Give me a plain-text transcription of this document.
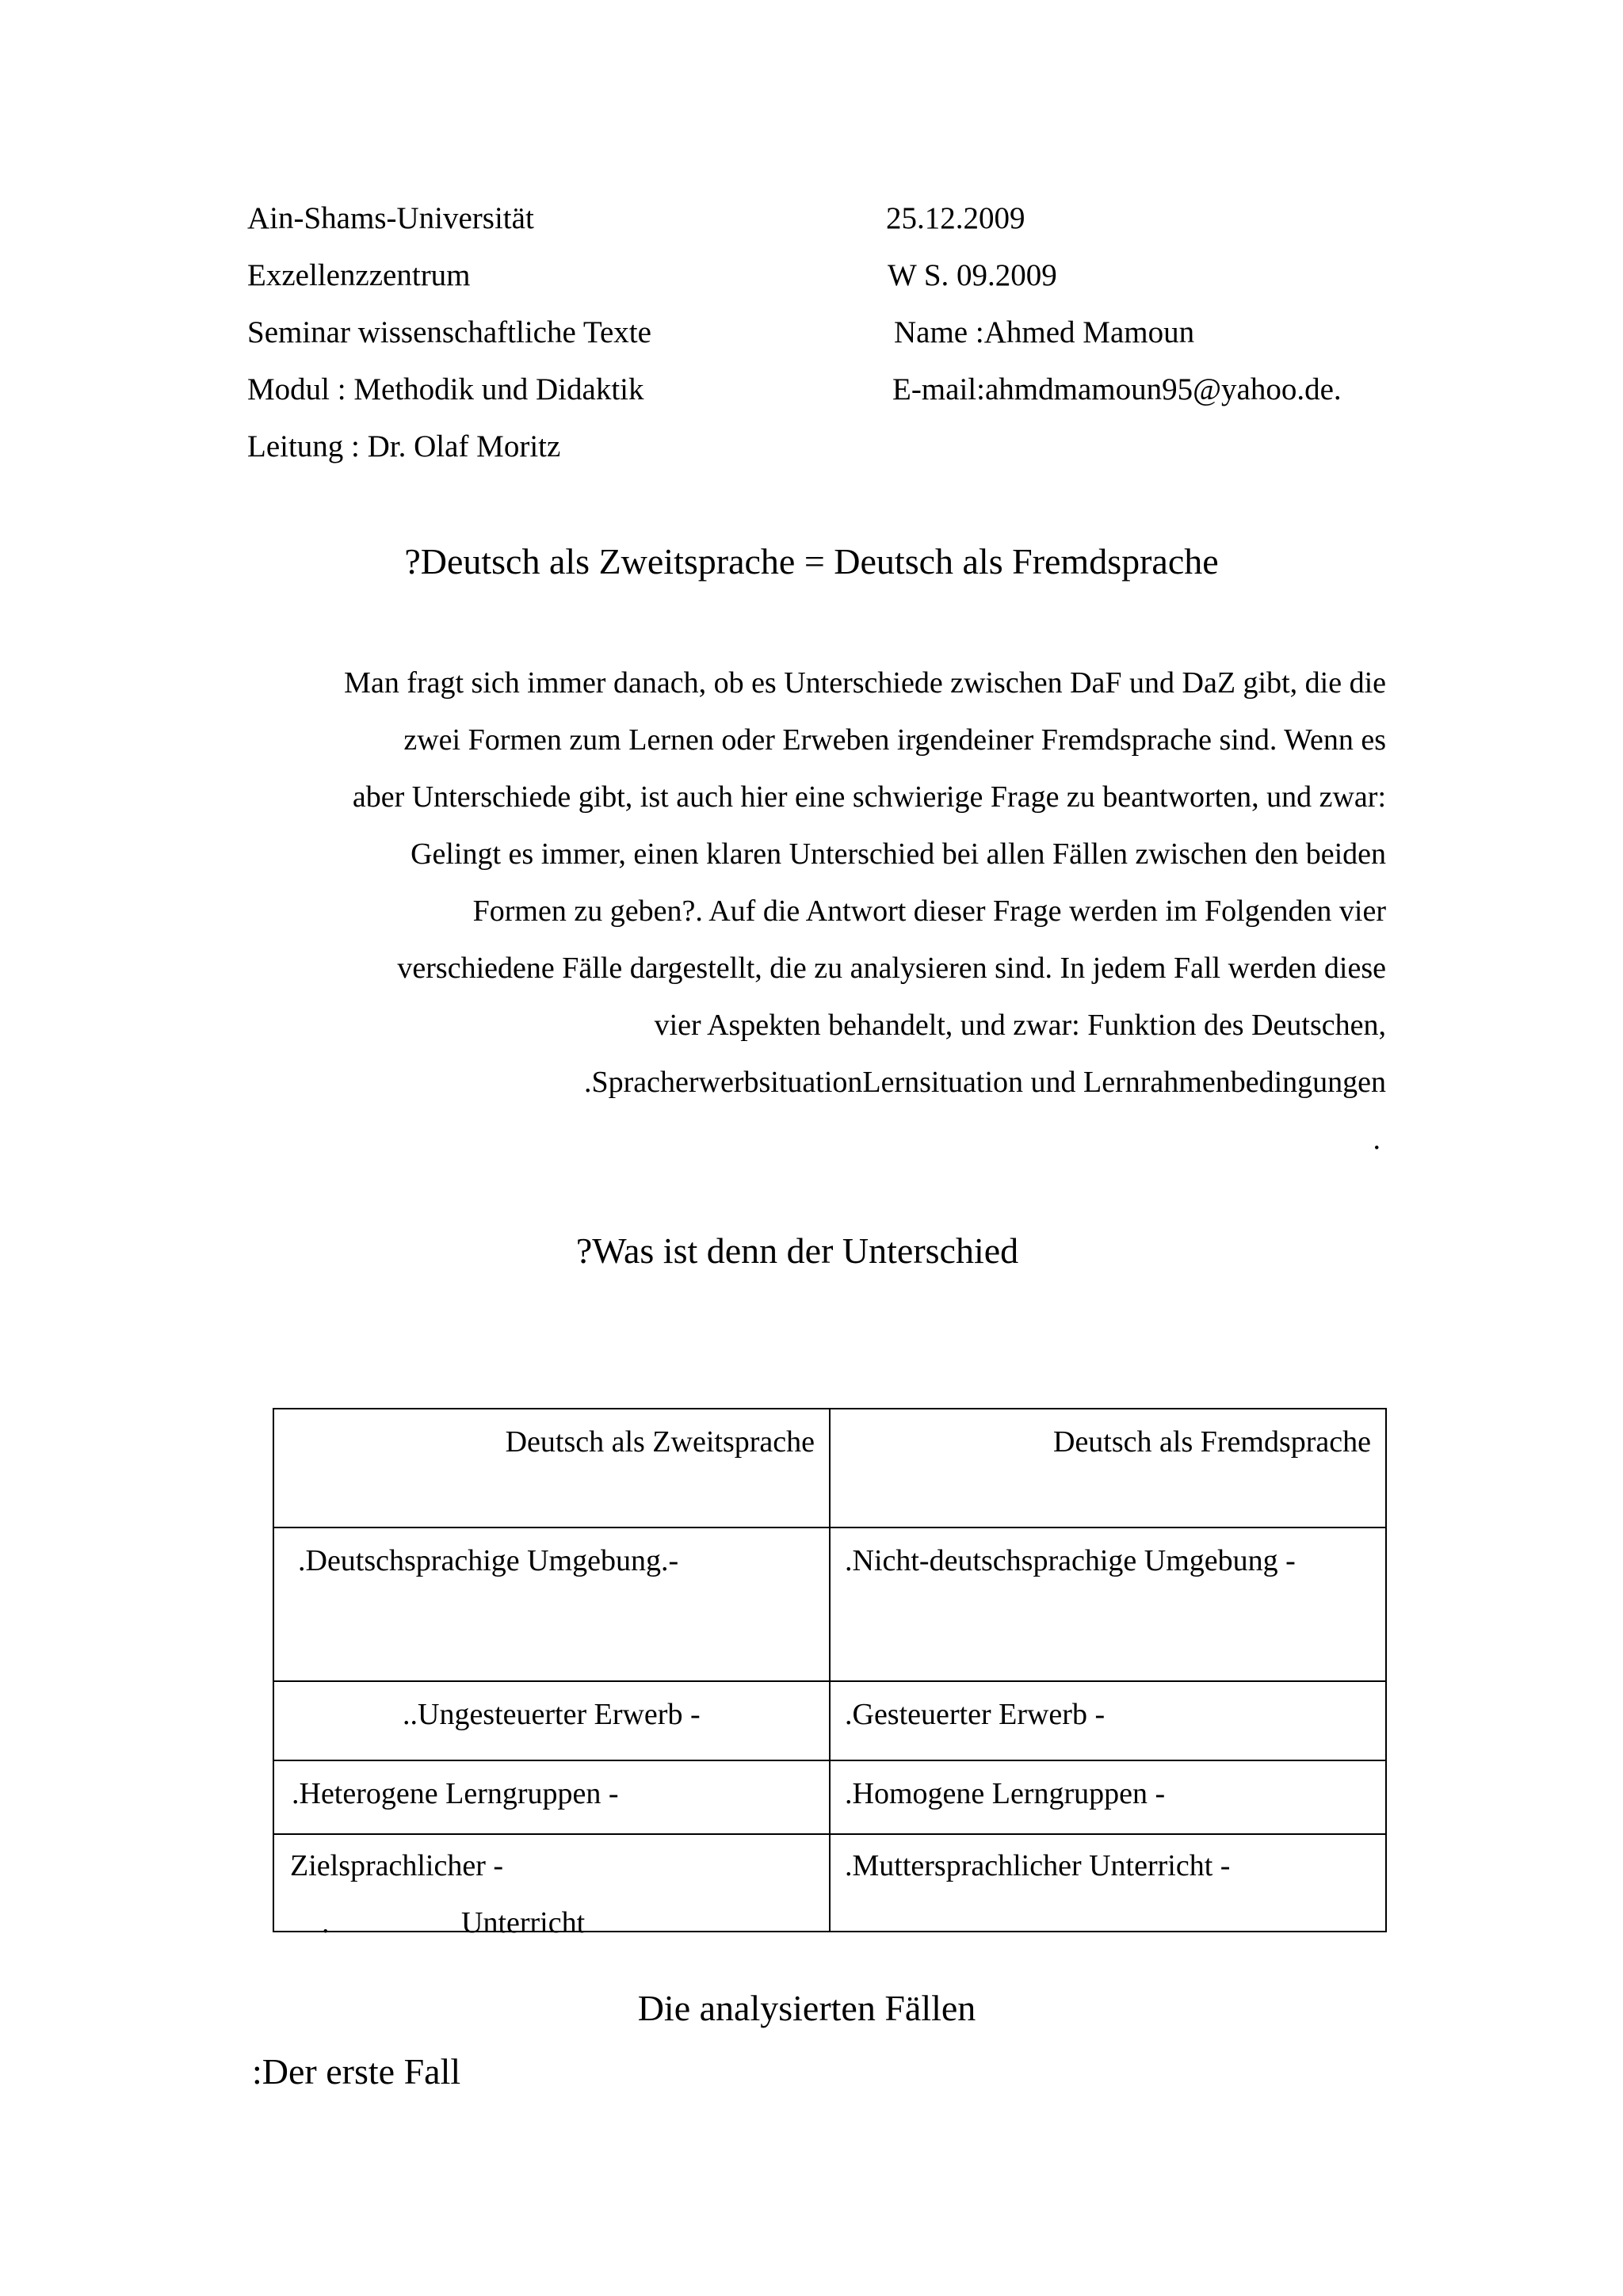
Ain-Shams-Universität
Exzellenzzentrum
Seminar wissenschaftliche Texte
Modul : Methodik und Didaktik
Leitung : Dr. Olaf Moritz
25.12.2009
W S. 09.2009
Name :Ahmed Mamoun
E-mail:ahmdmamoun95@yahoo.de.
?Deutsch als Zweitsprache = Deutsch als Fremdsprache
Man fragt sich immer danach, ob es Unterschiede zwischen DaF und DaZ gibt, die die
zwei Formen zum Lernen oder Erweben irgendeiner Fremdsprache sind. Wenn es
aber Unterschiede gibt, ist auch hier eine schwierige Frage zu beantworten, und zwar:
Gelingt es immer, einen klaren Unterschied bei allen Fällen zwischen den beiden
Formen zu geben?. Auf die Antwort dieser Frage werden im Folgenden vier
verschiedene Fälle dargestellt, die zu analysieren sind. In jedem Fall werden diese
vier Aspekten behandelt, und zwar: Funktion des Deutschen,
.SpracherwerbsituationLernsituation und Lernrahmenbedingungen
.
?Was ist denn der Unterschied
Deutsch als Zweitsprache	Deutsch als Fremdsprache

.Deutschsprachige Umgebung.-	.Nicht-deutschsprachige Umgebung -

..Ungesteuerter Erwerb -	.Gesteuerter Erwerb -

.Heterogene Lerngruppen -	.Homogene Lerngruppen -

Zielsprachlicher -
. Unterricht	.Muttersprachlicher Unterricht -
Die analysierten Fällen
:Der erste Fall
